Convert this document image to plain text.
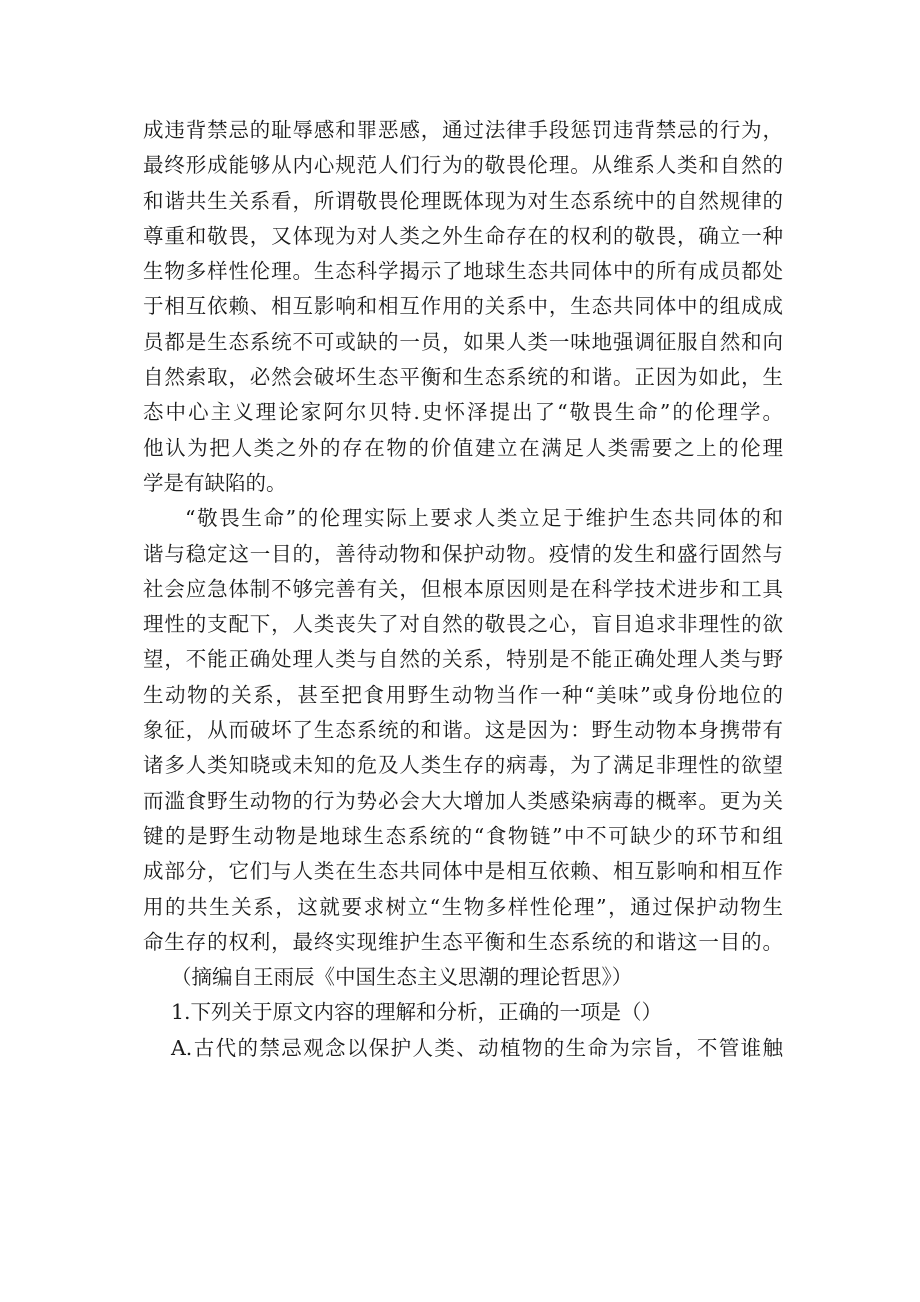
成违背禁忌的耻辱感和罪恶感，通过法律手段惩罚违背禁忌的行为，
最终形成能够从内心规范人们行为的敬畏伦理。从维系人类和自然的
和谐共生关系看，所谓敬畏伦理既体现为对生态系统中的自然规律的
尊重和敬畏，又体现为对人类之外生命存在的权利的敬畏，确立一种
生物多样性伦理。生态科学揭示了地球生态共同体中的所有成员都处
于相互依赖、相互影响和相互作用的关系中，生态共同体中的组成成
员都是生态系统不可或缺的一员，如果人类一味地强调征服自然和向
自然索取，必然会破坏生态平衡和生态系统的和谐。正因为如此，生
态中心主义理论家阿尔贝特.史怀泽提出了“敬畏生命”的伦理学。
他认为把人类之外的存在物的价值建立在满足人类需要之上的伦理
学是有缺陷的。
“敬畏生命”的伦理实际上要求人类立足于维护生态共同体的和
谐与稳定这一目的，善待动物和保护动物。疫情的发生和盛行固然与
社会应急体制不够完善有关，但根本原因则是在科学技术进步和工具
理性的支配下，人类丧失了对自然的敬畏之心，盲目追求非理性的欲
望，不能正确处理人类与自然的关系，特别是不能正确处理人类与野
生动物的关系，甚至把食用野生动物当作一种“美味”或身份地位的
象征，从而破坏了生态系统的和谐。这是因为：野生动物本身携带有
诸多人类知晓或未知的危及人类生存的病毒，为了满足非理性的欲望
而滥食野生动物的行为势必会大大增加人类感染病毒的概率。更为关
键的是野生动物是地球生态系统的“食物链”中不可缺少的环节和组
成部分，它们与人类在生态共同体中是相互依赖、相互影响和相互作
用的共生关系，这就要求树立“生物多样性伦理”，通过保护动物生
命生存的权利，最终实现维护生态平衡和生态系统的和谐这一目的。
（摘编自王雨辰《中国生态主义思潮的理论哲思》）
1.下列关于原文内容的理解和分析，正确的一项是（）
A.古代的禁忌观念以保护人类、动植物的生命为宗旨，不管谁触
